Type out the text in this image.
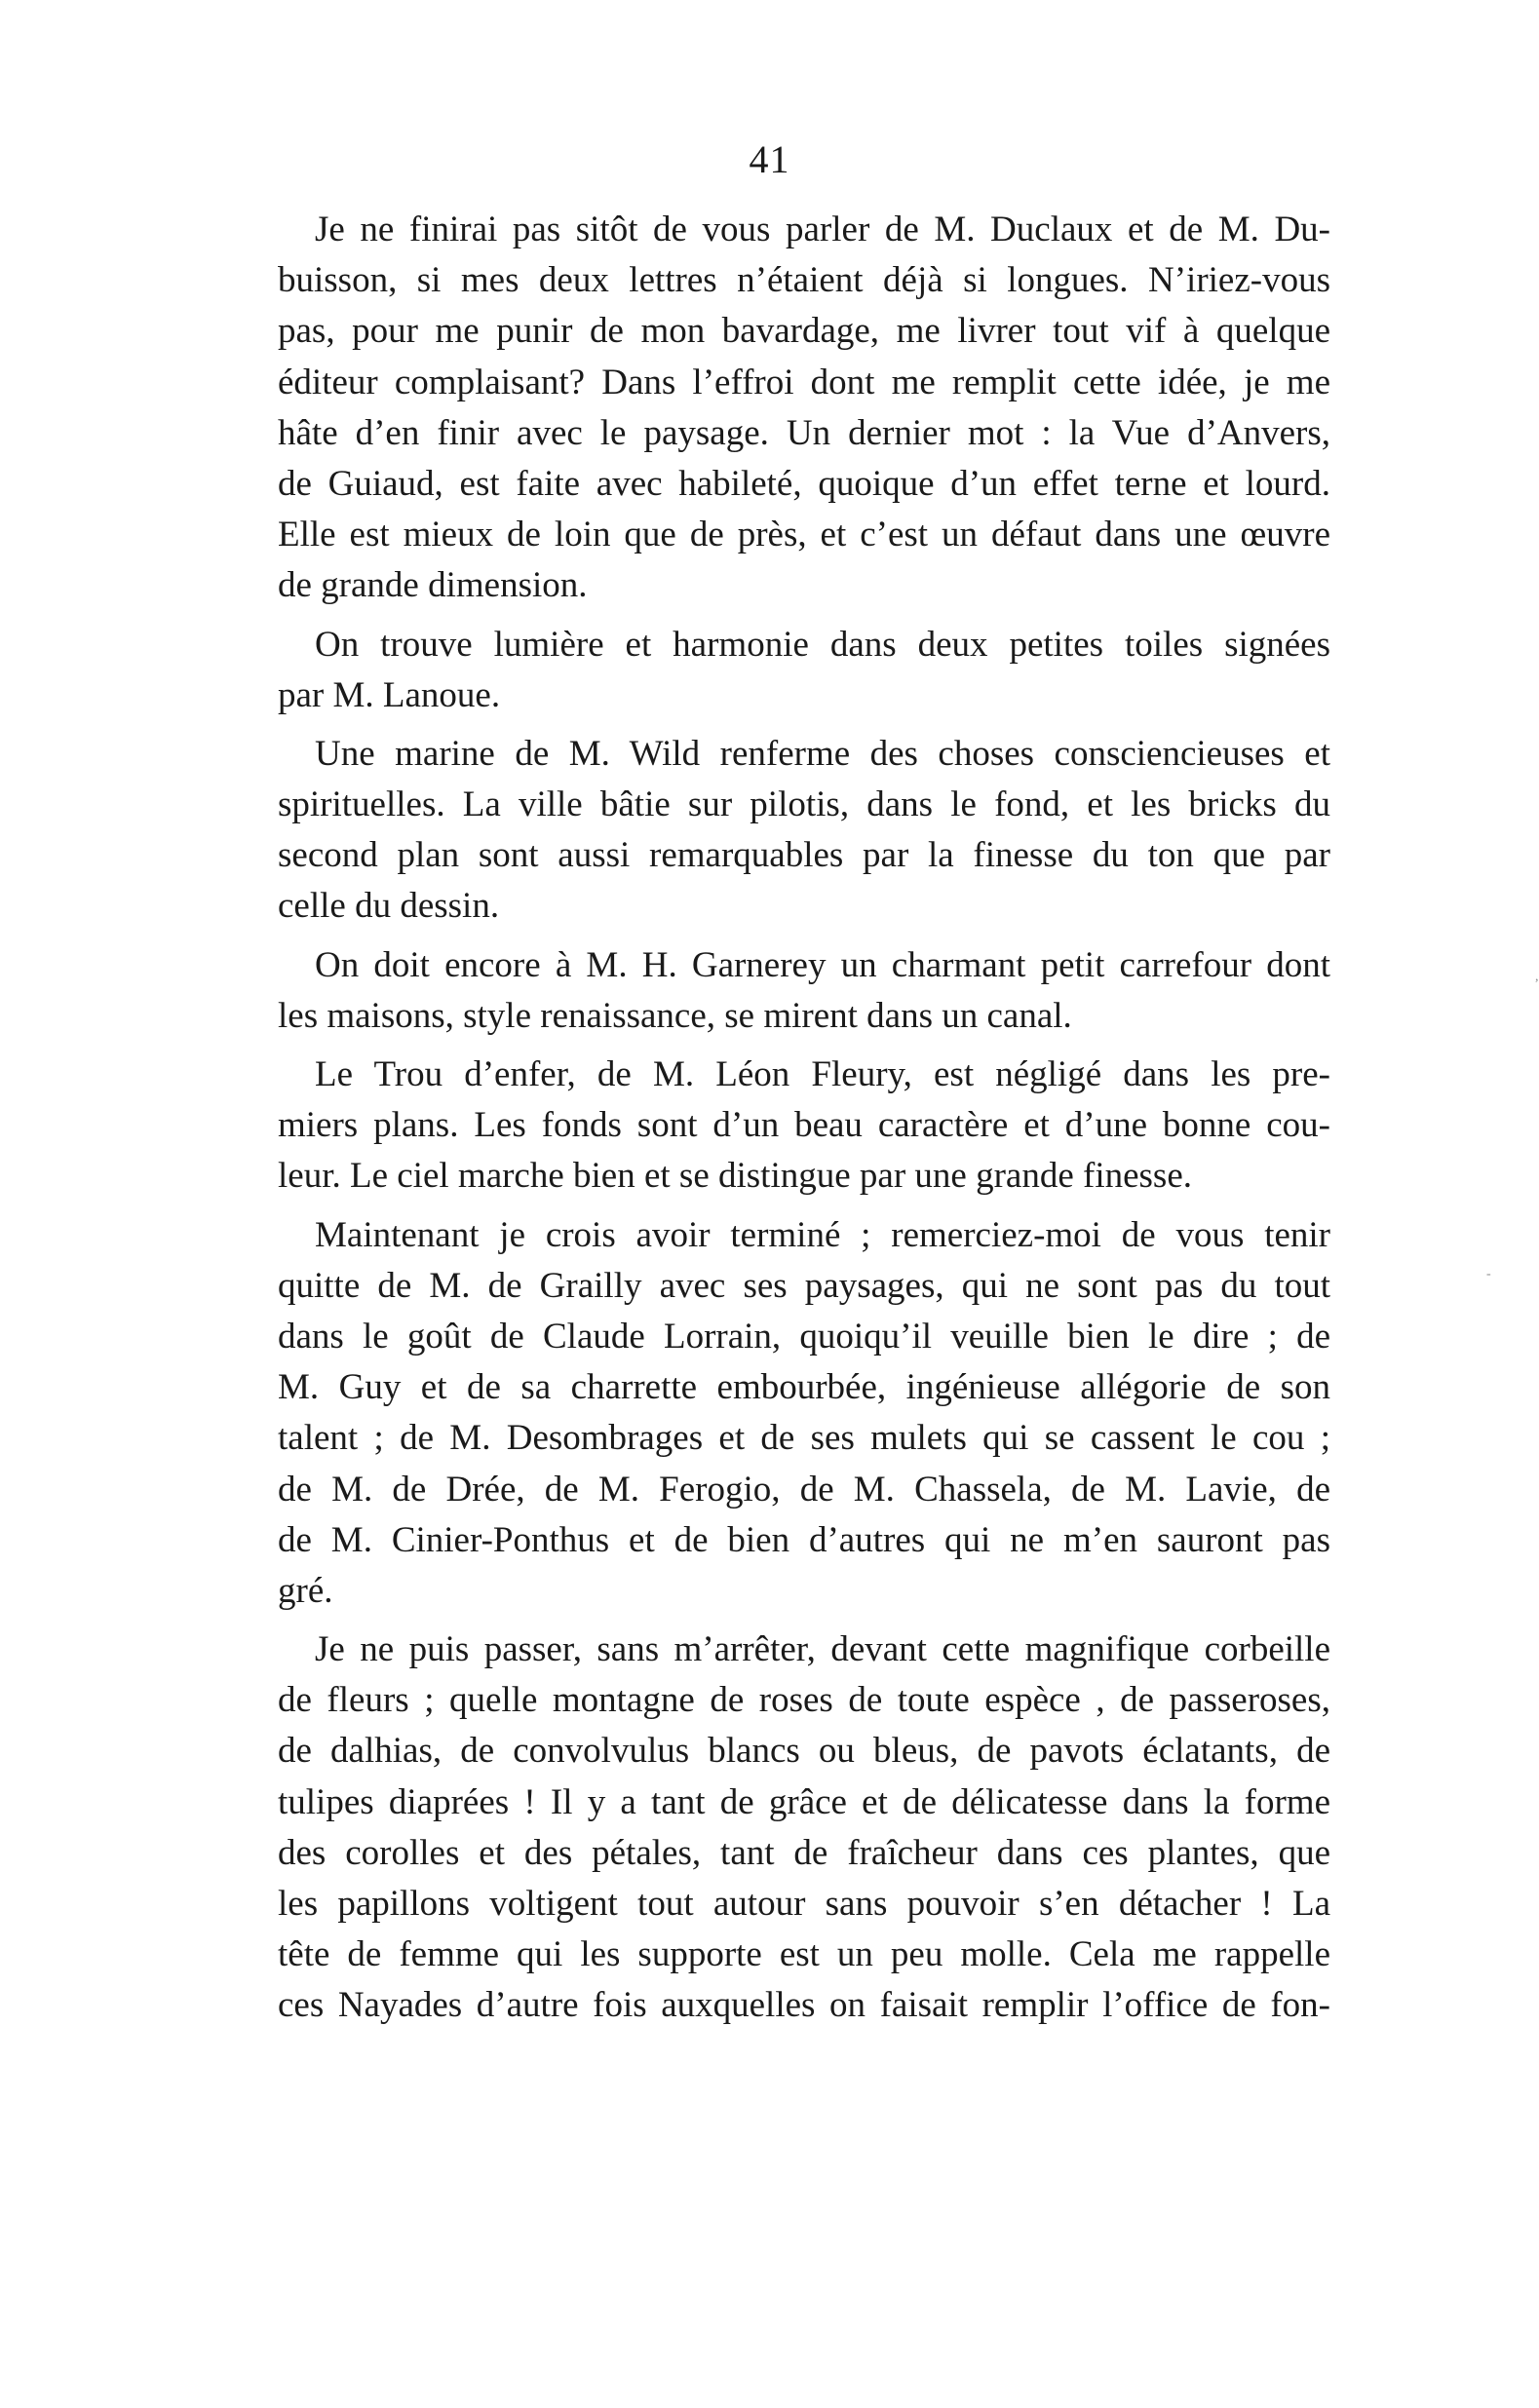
41
Je ne finirai pas sitôt de vous parler de M. Duclaux et de M. Du-
buisson, si mes deux lettres n’étaient déjà si longues. N’iriez-vous
pas, pour me punir de mon bavardage, me livrer tout vif à quelque
éditeur complaisant? Dans l’effroi dont me remplit cette idée, je me
hâte d’en finir avec le paysage. Un dernier mot : la Vue d’Anvers,
de Guiaud, est faite avec habileté, quoique d’un effet terne et lourd.
Elle est mieux de loin que de près, et c’est un défaut dans une œuvre
de grande dimension.
On trouve lumière et harmonie dans deux petites toiles signées
par M. Lanoue.
Une marine de M. Wild renferme des choses consciencieuses et
spirituelles. La ville bâtie sur pilotis, dans le fond, et les bricks du
second plan sont aussi remarquables par la finesse du ton que par
celle du dessin.
On doit encore à M. H. Garnerey un charmant petit carrefour dont
les maisons, style renaissance, se mirent dans un canal.
Le Trou d’enfer, de M. Léon Fleury, est négligé dans les pre-
miers plans. Les fonds sont d’un beau caractère et d’une bonne cou-
leur. Le ciel marche bien et se distingue par une grande finesse.
Maintenant je crois avoir terminé ; remerciez-moi de vous tenir
quitte de M. de Grailly avec ses paysages, qui ne sont pas du tout
dans le goût de Claude Lorrain, quoiqu’il veuille bien le dire ; de
M. Guy et de sa charrette embourbée, ingénieuse allégorie de son
talent ; de M. Desombrages et de ses mulets qui se cassent le cou ;
de M. de Drée, de M. Ferogio, de M. Chassela, de M. Lavie, de
de M. Cinier-Ponthus et de bien d’autres qui ne m’en sauront pas
gré.
Je ne puis passer, sans m’arrêter, devant cette magnifique corbeille
de fleurs ; quelle montagne de roses de toute espèce , de passeroses,
de dalhias, de convolvulus blancs ou bleus, de pavots éclatants, de
tulipes diaprées ! Il y a tant de grâce et de délicatesse dans la forme
des corolles et des pétales, tant de fraîcheur dans ces plantes, que
les papillons voltigent tout autour sans pouvoir s’en détacher ! La
tête de femme qui les supporte est un peu molle. Cela me rappelle
ces Nayades d’autre fois auxquelles on faisait remplir l’office de fon-
,
-
